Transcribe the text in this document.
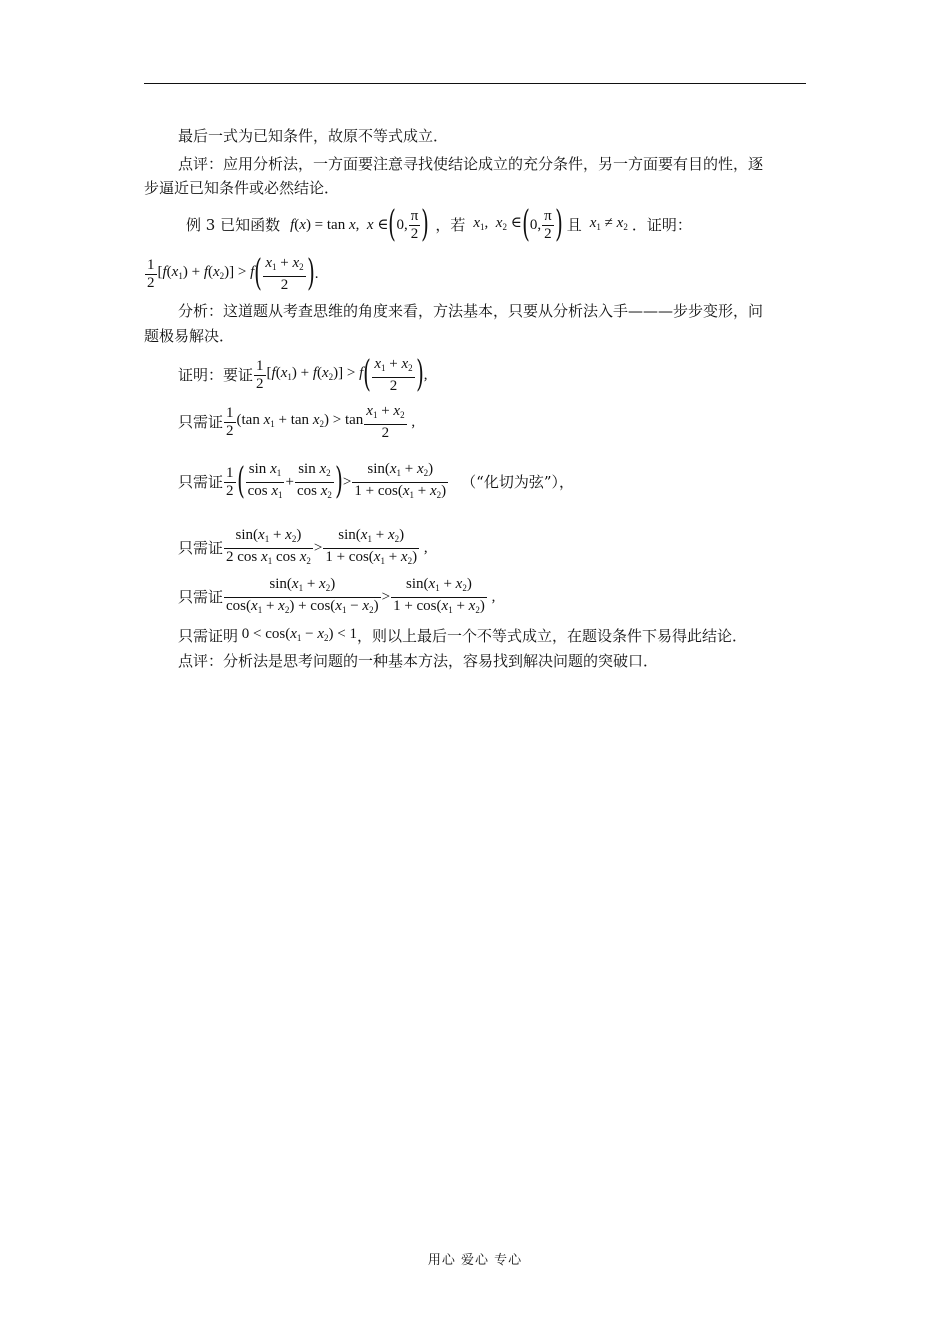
最后一式为已知条件，故原不等式成立．
点评：应用分析法，一方面要注意寻找使结论成立的充分条件，另一方面要有目的性，逐
步逼近已知条件或必然结论．
例 3 已知函数 f(x) = tan x,  x ∈ ( 0, $\frac{\pi}{2}$ ) ，若 $x_1$,  $x_2$ ∈ ( 0, $\frac{\pi}{2}$ ) 且 $x_1 \ne x_2$ ．证明：
$\frac{1}{2} [f(x_1) + f(x_2)] > f$ ( $\frac{x_1 + x_2}{2}$ ) .
分析：这道题从考查思维的角度来看，方法基本，只要从分析法入手———步步变形，问
题极易解决．
证明：要证 $\frac{1}{2} [f(x_1) + f(x_2)] > f$ ( $\frac{x_1 + x_2}{2}$ ) ,
只需证 $\frac{1}{2} (\tan$ $x_1 + \tan x_2) > \tan \frac{x_1 + x_2}{2}$ ,
只需证 $\frac{1}{2}$ ( $\frac{\sin x_1}{\cos x_1} + \frac{\sin x_2}{\cos x_2}$ ) > $\frac{\sin(x_1 + x_2)}{1 + \cos(x_1 + x_2)}$ （“化切为弦”），
只需证 $\frac{\sin(x_1 + x_2)}{2 \cos x_1 \cos x_2} > \frac{\sin(x_1 + x_2)}{1 + \cos(x_1 + x_2)}$ ,
只需证 $\frac{\sin(x_1 + x_2)}{\cos(x_1 + x_2) + \cos(x_1 - x_2)} > \frac{\sin(x_1 + x_2)}{1 + \cos(x_1 + x_2)}$ ,
只需证明 $0 < \cos(x_1 - x_2) < 1$ ，则以上最后一个不等式成立，在题设条件下易得此结论．
点评：分析法是思考问题的一种基本方法，容易找到解决问题的突破口．
用心 爱心 专心
